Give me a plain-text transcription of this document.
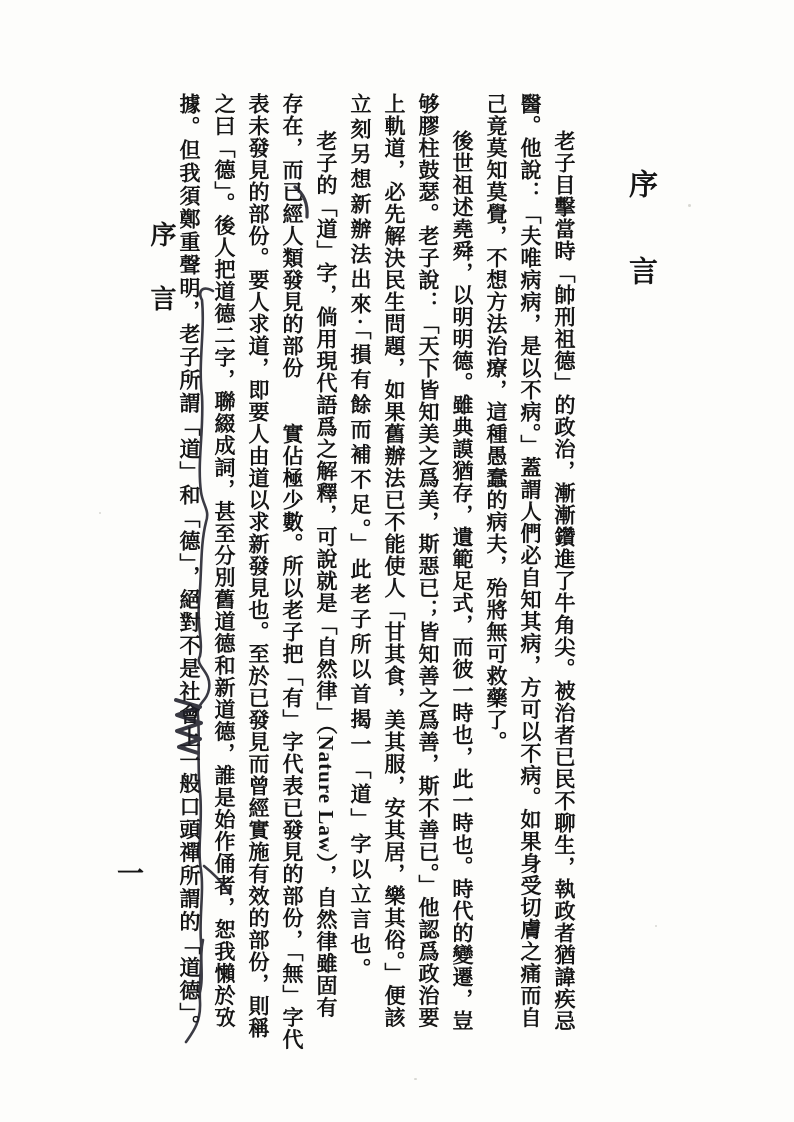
序言
老子目擊當時「帥刑祖德」的政治，漸漸鑽進了牛角尖。被治者已民不聊生，執政者猶諱疾忌
醫。他說：「夫唯病病，是以不病。」蓋謂人們必自知其病，方可以不病。如果身受切膚之痛而自
己竟莫知莫覺，不想方法治療，這種愚蠢的病夫，殆將無可救藥了。
後世祖述堯舜，以明明德。雖典謨猶存，遺範足式，而彼一時也，此一時也。時代的變遷，豈
够膠柱鼓瑟。老子說：「天下皆知美之爲美，斯惡已；皆知善之爲善，斯不善已。」他認爲政治要
上軌道，必先解決民生問題，如果舊辦法已不能使人「甘其食，美其服，安其居，樂其俗。」便該
立刻另想新辦法出來·「損有餘而補不足。」此老子所以首揭一「道」字以立言也。
老子的「道」字，倘用現代語爲之解釋，可說就是「自然律」（Nature Law），自然律雖固有
存在，而已經人類發見的部份　　實佔極少數。所以老子把「有」字代表已發見的部份，「無」字代
表未發見的部份。要人求道，即要人由道以求新發見也。至於已發見而曾經實施有效的部份，則稱
之曰「德」。後人把道德二字，聯綴成詞，甚至分別舊道德和新道德，誰是始作俑者，恕我懶於攷
據。但我須鄭重聲明，老子所謂「道」和「德」，絕對不是社會上一般口頭禪所謂的「道德」。
序言
一
